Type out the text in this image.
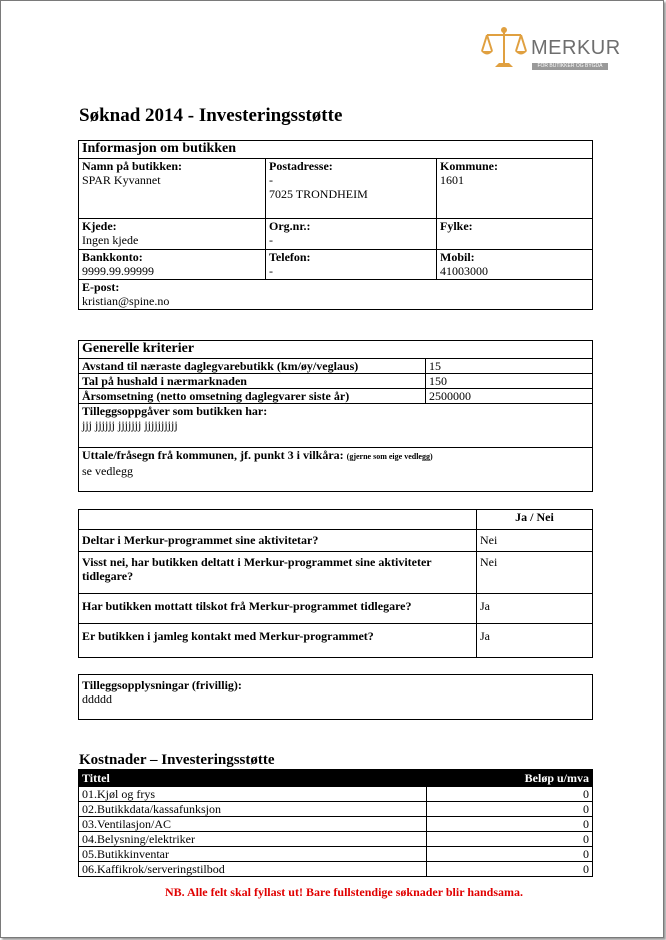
MERKUR
FOR BUTIKKER OG BYGDA
Søknad 2014 - Investeringsstøtte
Informasjon om butikken		
Namn på butikken:
SPAR Kyvannet	Postadresse:
-
7025 TRONDHEIM	Kommune:
1601
Kjede:
Ingen kjede	Org.nr.:
-	Fylke:
Bankkonto:
9999.99.99999	Telefon:
-	Mobil:
41003000
E-post:
kristian@spine.no		
Generelle kriterier	
Avstand til næraste daglegvarebutikk (km/øy/veglaus)	15
Tal på hushald i nærmarknaden	150
Årsomsetning (netto omsetning daglegvarer siste år)	2500000
Tilleggsoppgåver som butikken har:
jjj jjjjjj jjjjjjj jjjjjjjjjj	
Uttale/fråsegn frå kommunen, jf. punkt 3 i vilkåra: (gjerne som eige vedlegg)
se vedlegg	
	Ja / Nei
Deltar i Merkur-programmet sine aktivitetar?	Nei
Visst nei, har butikken deltatt i Merkur-programmet sine aktiviteter tidlegare?	Nei
Har butikken mottatt tilskot frå Merkur-programmet tidlegare?	Ja
Er butikken i jamleg kontakt med Merkur-programmet?	Ja
Tilleggsopplysningar (frivillig):
ddddd
Kostnader – Investeringsstøtte
Tittel	Beløp u/mva
01.Kjøl og frys	0
02.Butikkdata/kassafunksjon	0
03.Ventilasjon/AC	0
04.Belysning/elektriker	0
05.Butikkinventar	0
06.Kaffikrok/serveringstilbod	0
NB. Alle felt skal fyllast ut! Bare fullstendige søknader blir handsama.
